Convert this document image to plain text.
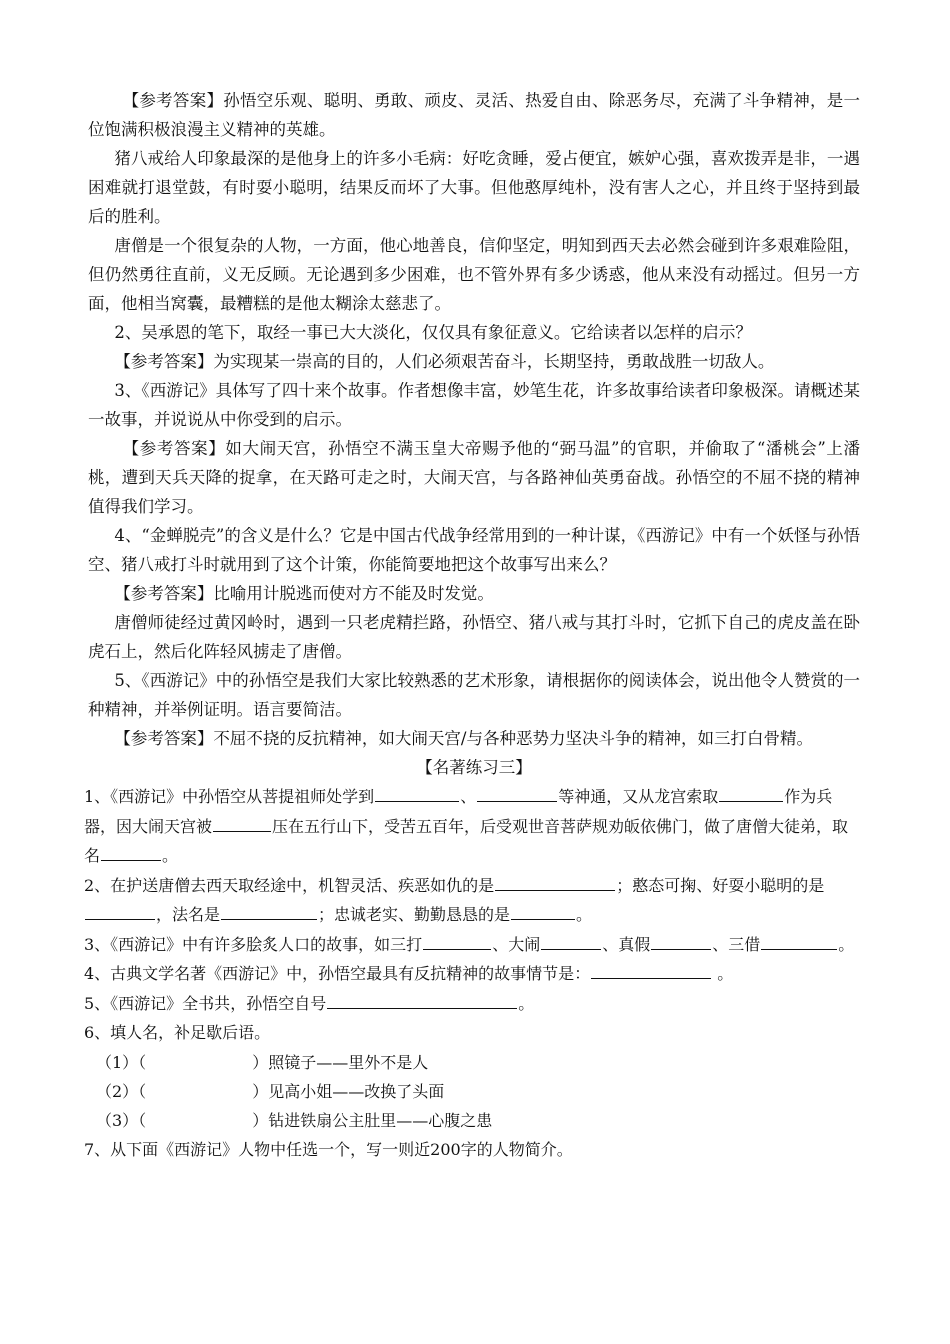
【参考答案】孙悟空乐观、聪明、勇敢、顽皮、灵活、热爱自由、除恶务尽，充满了斗争精神，是一位饱满积极浪漫主义精神的英雄。

猪八戒给人印象最深的是他身上的许多小毛病：好吃贪睡，爱占便宜，嫉妒心强，喜欢拨弄是非，一遇困难就打退堂鼓，有时耍小聪明，结果反而坏了大事。但他憨厚纯朴，没有害人之心，并且终于坚持到最后的胜利。

唐僧是一个很复杂的人物，一方面，他心地善良，信仰坚定，明知到西天去必然会碰到许多艰难险阻，但仍然勇往直前，义无反顾。无论遇到多少困难，也不管外界有多少诱惑，他从来没有动摇过。但另一方面，他相当窝囊，最糟糕的是他太糊涂太慈悲了。

2、吴承恩的笔下，取经一事已大大淡化，仅仅具有象征意义。它给读者以怎样的启示？

【参考答案】为实现某一崇高的目的，人们必须艰苦奋斗，长期坚持，勇敢战胜一切敌人。

3、《西游记》具体写了四十来个故事。作者想像丰富，妙笔生花，许多故事给读者印象极深。请概述某一故事，并说说从中你受到的启示。

【参考答案】如大闹天宫，孙悟空不满玉皇大帝赐予他的“弼马温”的官职，并偷取了“潘桃会”上潘桃，遭到天兵天降的捉拿，在天路可走之时，大闹天宫，与各路神仙英勇奋战。孙悟空的不屈不挠的精神值得我们学习。

4、“金蝉脱壳”的含义是什么？它是中国古代战争经常用到的一种计谋，《西游记》中有一个妖怪与孙悟空、猪八戒打斗时就用到了这个计策，你能简要地把这个故事写出来么？

【参考答案】比喻用计脱逃而使对方不能及时发觉。

唐僧师徒经过黄冈岭时，遇到一只老虎精拦路，孙悟空、猪八戒与其打斗时，它抓下自己的虎皮盖在卧虎石上，然后化阵轻风掳走了唐僧。

5、《西游记》中的孙悟空是我们大家比较熟悉的艺术形象，请根据你的阅读体会，说出他令人赞赏的一种精神，并举例证明。语言要简洁。

【参考答案】不屈不挠的反抗精神，如大闹天宫/与各种恶势力坚决斗争的精神，如三打白骨精。

【名著练习三】

1、《西游记》中孙悟空从菩提祖师处学到	、	等神通，又从龙宫索取	作为兵器，因大闹天宫被	压在五行山下，受苦五百年，后受观世音菩萨规劝皈依佛门，做了唐僧大徒弟，取名	。

2、在护送唐僧去西天取经途中，机智灵活、疾恶如仇的是	；憨态可掬、好耍小聪明的是，法名是	；忠诚老实、勤勤恳恳的是	。

3、《西游记》中有许多脍炙人口的故事，如三打	、大闹	、真假	、三借	。

4、古典文学名著《西游记》中，孙悟空最具有反抗精神的故事情节是：	。

5、《西游记》全书共，孙悟空自号	。

6、填人名，补足歇后语。

（1）（	）照镜子——里外不是人

（2）（	）见高小姐——改换了头面

（3）（	）钻进铁扇公主肚里——心腹之患

7、从下面《西游记》人物中任选一个，写一则近200字的人物简介。
